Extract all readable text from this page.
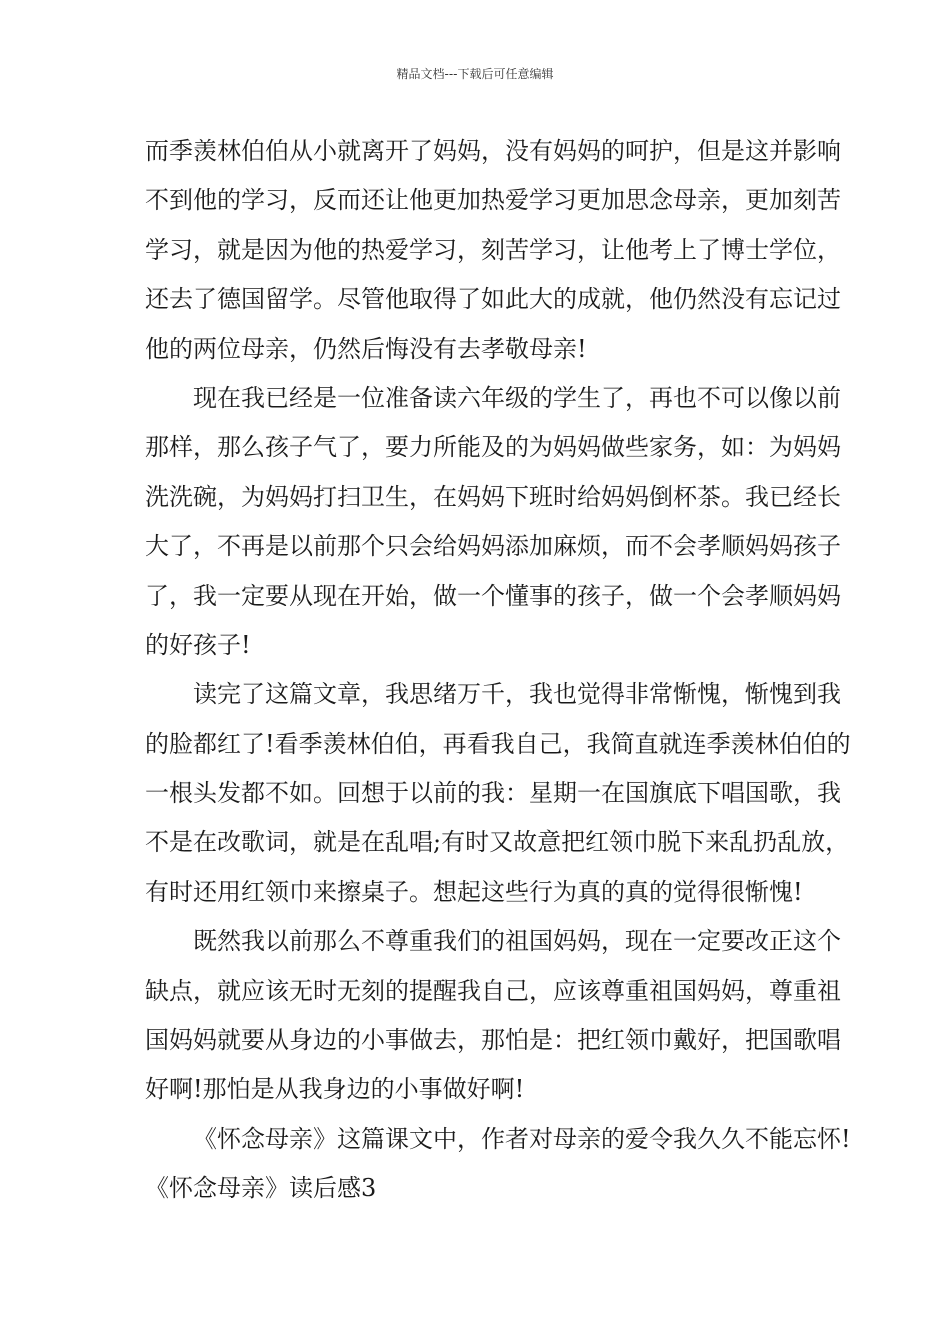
精品文档---下载后可任意编辑
而季羡林伯伯从小就离开了妈妈，没有妈妈的呵护，但是这并影响
不到他的学习，反而还让他更加热爱学习更加思念母亲，更加刻苦
学习，就是因为他的热爱学习，刻苦学习，让他考上了博士学位，
还去了德国留学。尽管他取得了如此大的成就，他仍然没有忘记过
他的两位母亲，仍然后悔没有去孝敬母亲!
现在我已经是一位准备读六年级的学生了，再也不可以像以前
那样，那么孩子气了，要力所能及的为妈妈做些家务，如：为妈妈
洗洗碗，为妈妈打扫卫生，在妈妈下班时给妈妈倒杯茶。我已经长
大了，不再是以前那个只会给妈妈添加麻烦，而不会孝顺妈妈孩子
了，我一定要从现在开始，做一个懂事的孩子，做一个会孝顺妈妈
的好孩子!
读完了这篇文章，我思绪万千，我也觉得非常惭愧，惭愧到我
的脸都红了!看季羡林伯伯，再看我自己，我简直就连季羡林伯伯的
一根头发都不如。回想于以前的我：星期一在国旗底下唱国歌，我
不是在改歌词，就是在乱唱;有时又故意把红领巾脱下来乱扔乱放，
有时还用红领巾来擦桌子。想起这些行为真的真的觉得很惭愧!
既然我以前那么不尊重我们的祖国妈妈，现在一定要改正这个
缺点，就应该无时无刻的提醒我自己，应该尊重祖国妈妈，尊重祖
国妈妈就要从身边的小事做去，那怕是：把红领巾戴好，把国歌唱
好啊!那怕是从我身边的小事做好啊!
《怀念母亲》这篇课文中，作者对母亲的爱令我久久不能忘怀!
《怀念母亲》读后感3
